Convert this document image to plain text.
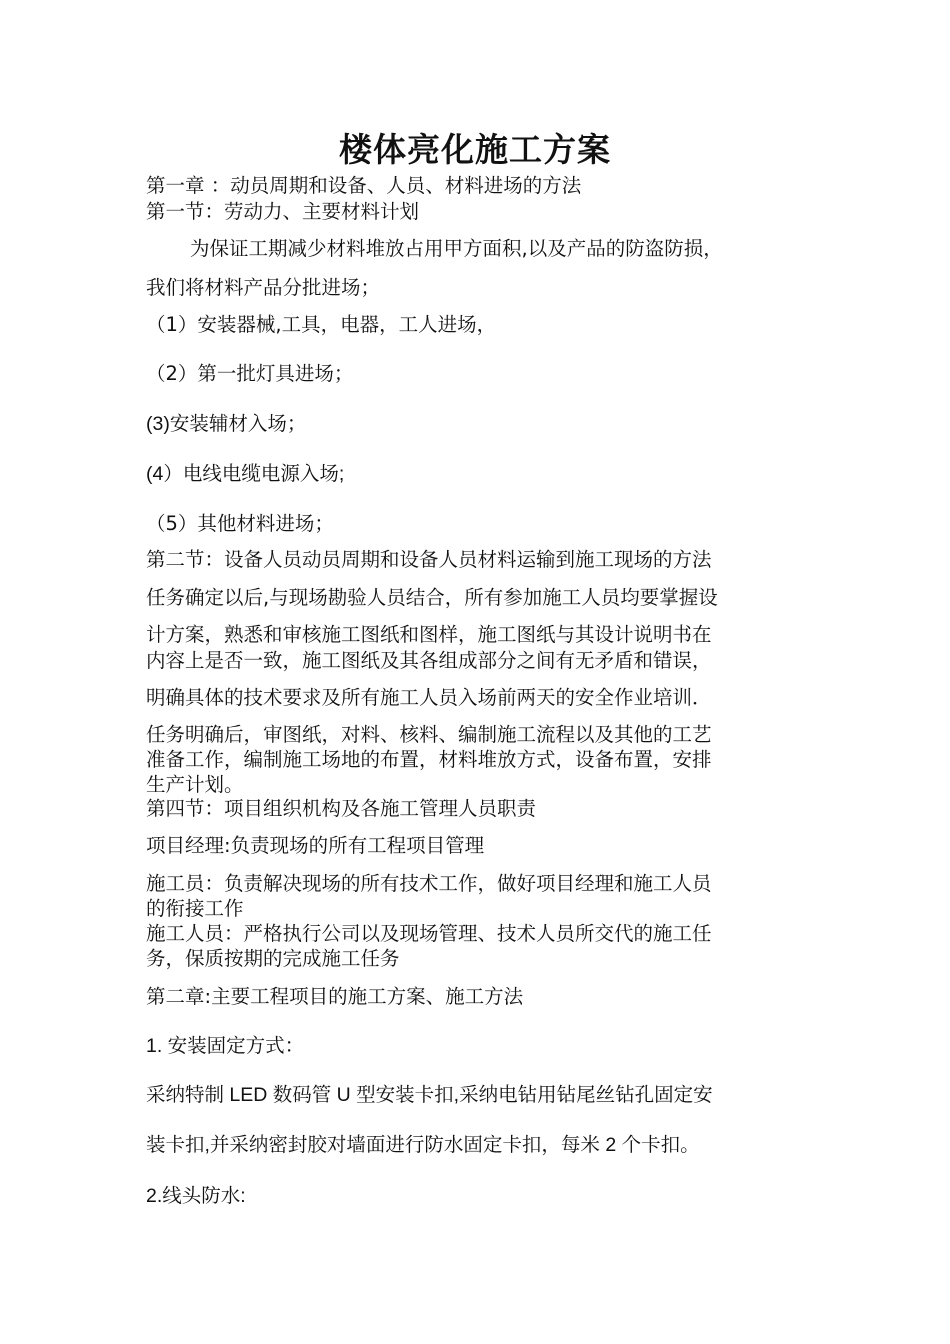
楼体亮化施工方案
第一章 ：动员周期和设备、人员、材料进场的方法
第一节：劳动力、主要材料计划
为保证工期减少材料堆放占用甲方面积,以及产品的防盗防损，
我们将材料产品分批进场；
（1）安装器械,工具，电器，工人进场，
（2）第一批灯具进场；
(3)安装辅材入场；
(4）电线电缆电源入场;
（5）其他材料进场；
第二节：设备人员动员周期和设备人员材料运输到施工现场的方法
任务确定以后,与现场勘验人员结合，所有参加施工人员均要掌握设
计方案，熟悉和审核施工图纸和图样，施工图纸与其设计说明书在
内容上是否一致，施工图纸及其各组成部分之间有无矛盾和错误，
明确具体的技术要求及所有施工人员入场前两天的安全作业培训．
任务明确后，审图纸，对料、核料、编制施工流程以及其他的工艺
准备工作，编制施工场地的布置，材料堆放方式，设备布置，安排
生产计划。
第四节：项目组织机构及各施工管理人员职责
项目经理:负责现场的所有工程项目管理
施工员：负责解决现场的所有技术工作，做好项目经理和施工人员
的衔接工作
施工人员：严格执行公司以及现场管理、技术人员所交代的施工任
务，保质按期的完成施工任务
第二章:主要工程项目的施工方案、施工方法
1. 安装固定方式：
采纳特制 LED 数码管 U 型安装卡扣,采纳电钻用钻尾丝钻孔固定安
装卡扣,并采纳密封胶对墙面进行防水固定卡扣，每米 2 个卡扣。
2.线头防水:
